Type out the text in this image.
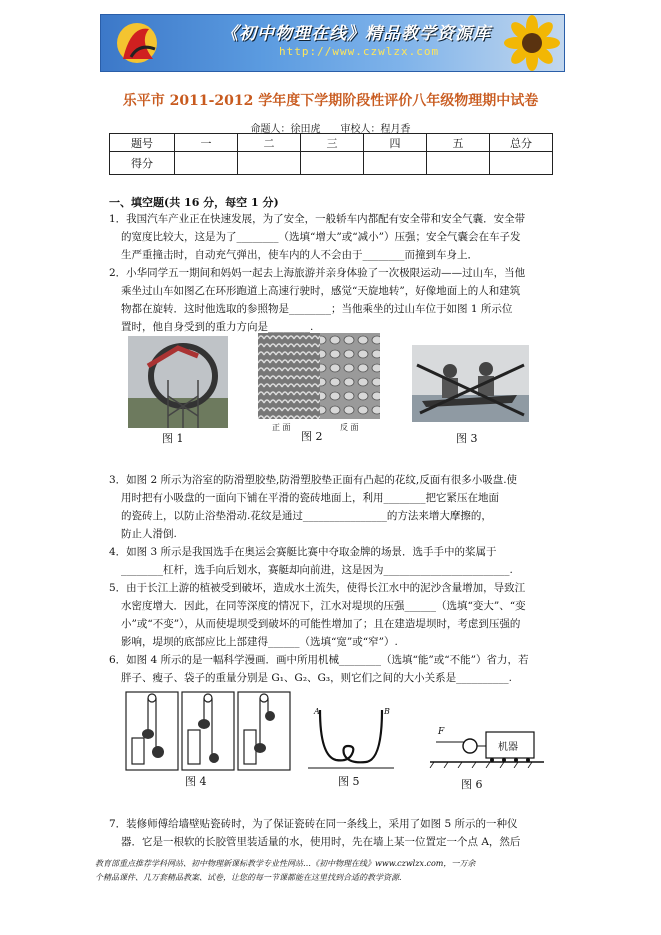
《初中物理在线》精品教学资源库
http://www.czwlzx.com
乐平市 2011-2012 学年度下学期阶段性评价八年级物理期中试卷
命题人：徐田虎　　审校人：程月香
题号	一	二	三	四	五	总分
得分						
一、填空题(共 16 分，每空 1 分)
1．我国汽车产业正在快速发展，为了安全，一般轿车内都配有安全带和安全气囊．安全带
的宽度比较大，这是为了________（选填“增大”或“减小”）压强；安全气囊会在车子发
生严重撞击时，自动充气弹出，使车内的人不会由于________而撞到车身上．
2．小华同学五一期间和妈妈一起去上海旅游并亲身体验了一次极限运动——过山车，当他
乘坐过山车如图乙在环形跑道上高速行驶时，感觉“天旋地转”，好像地面上的人和建筑
物都在旋转．这时他选取的参照物是________；当他乘坐的过山车位于如图 1 所示位
置时，他自身受到的重力方向是________.
正 面	反 面
图 1	图 2	图 3
3．如图 2 所示为浴室的防滑塑胶垫,防滑塑胶垫正面有凸起的花纹,反面有很多小吸盘.使
用时把有小吸盘的一面向下铺在平滑的瓷砖地面上，利用________把它紧压在地面
的瓷砖上，以防止浴垫滑动.花纹是通过________________的方法来增大摩擦的，
防止人滑倒.
4．如图 3 所示是我国选手在奥运会赛艇比赛中夺取金牌的场景．选手手中的桨属于
________杠杆，选手向后划水，赛艇却向前进，这是因为________________________.
5．由于长江上游的植被受到破坏，造成水土流失，使得长江水中的泥沙含量增加，导致江
水密度增大．因此，在同等深度的情况下，江水对堤坝的压强______（选填“变大”、“变
小”或“不变”），从而使堤坝受到破坏的可能性增加了；且在建造堤坝时，考虑到压强的
影响，堤坝的底部应比上部建得______（选填“宽”或“窄”）.
6．如图 4 所示的是一幅科学漫画．画中所用机械________（选填“能”或“不能”）省力，若
胖子、瘦子、袋子的重量分别是 G₁、G₂、G₃，则它们之间的大小关系是__________.
A	B
F
机器
图 4	图 5	图 6
7．装修师傅给墙壁贴瓷砖时，为了保证瓷砖在同一条线上，采用了如图 5 所示的一种仪
器．它是一根软的长胶管里装适量的水，使用时，先在墙上某一位置定一个点 A，然后
教育部重点推荐学科网站、初中物理新课标教学专业性网站…《初中物理在线》www.czwlzx.com，一万余
个精品课件、几万套精品教案、试卷，让您的每一节课都能在这里找到合适的教学资源.
